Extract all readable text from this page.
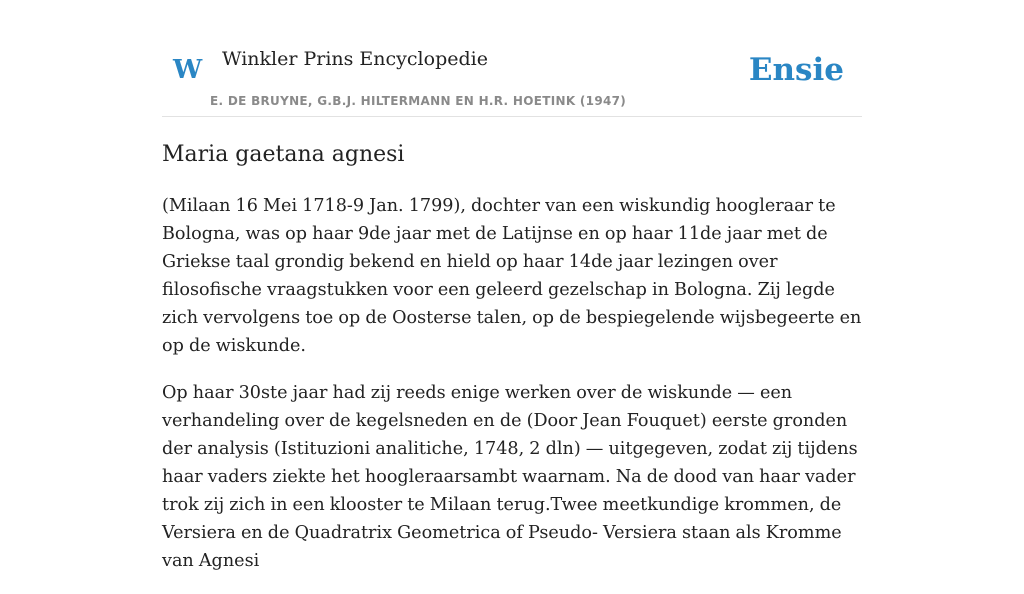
W Winkler Prins Encyclopedie
E. DE BRUYNE, G.B.J. HILTERMANN EN H.R. HOETINK (1947)
Ensie
Maria gaetana agnesi

(Milaan 16 Mei 1718-9 Jan. 1799), dochter van een wiskundig hoogleraar te Bologna, was op haar 9de jaar met de Latijnse en op haar 11de jaar met de Griekse taal grondig bekend en hield op haar 14de jaar lezingen over filosofische vraagstukken voor een geleerd gezelschap in Bologna. Zij legde zich vervolgens toe op de Oosterse talen, op de bespiegelende wijsbegeerte en op de wiskunde.

Op haar 30ste jaar had zij reeds enige werken over de wiskunde — een verhandeling over de kegelsneden en de (Door Jean Fouquet) eerste gronden der analysis (Istituzioni analitiche, 1748, 2 dln) — uitgegeven, zodat zij tijdens haar vaders ziekte het hoogleraarsambt waarnam. Na de dood van haar vader trok zij zich in een klooster te Milaan terug.Twee meetkundige krommen, de Versiera en de Quadratrix Geometrica of Pseudo- Versiera staan als Kromme van Agnesi
